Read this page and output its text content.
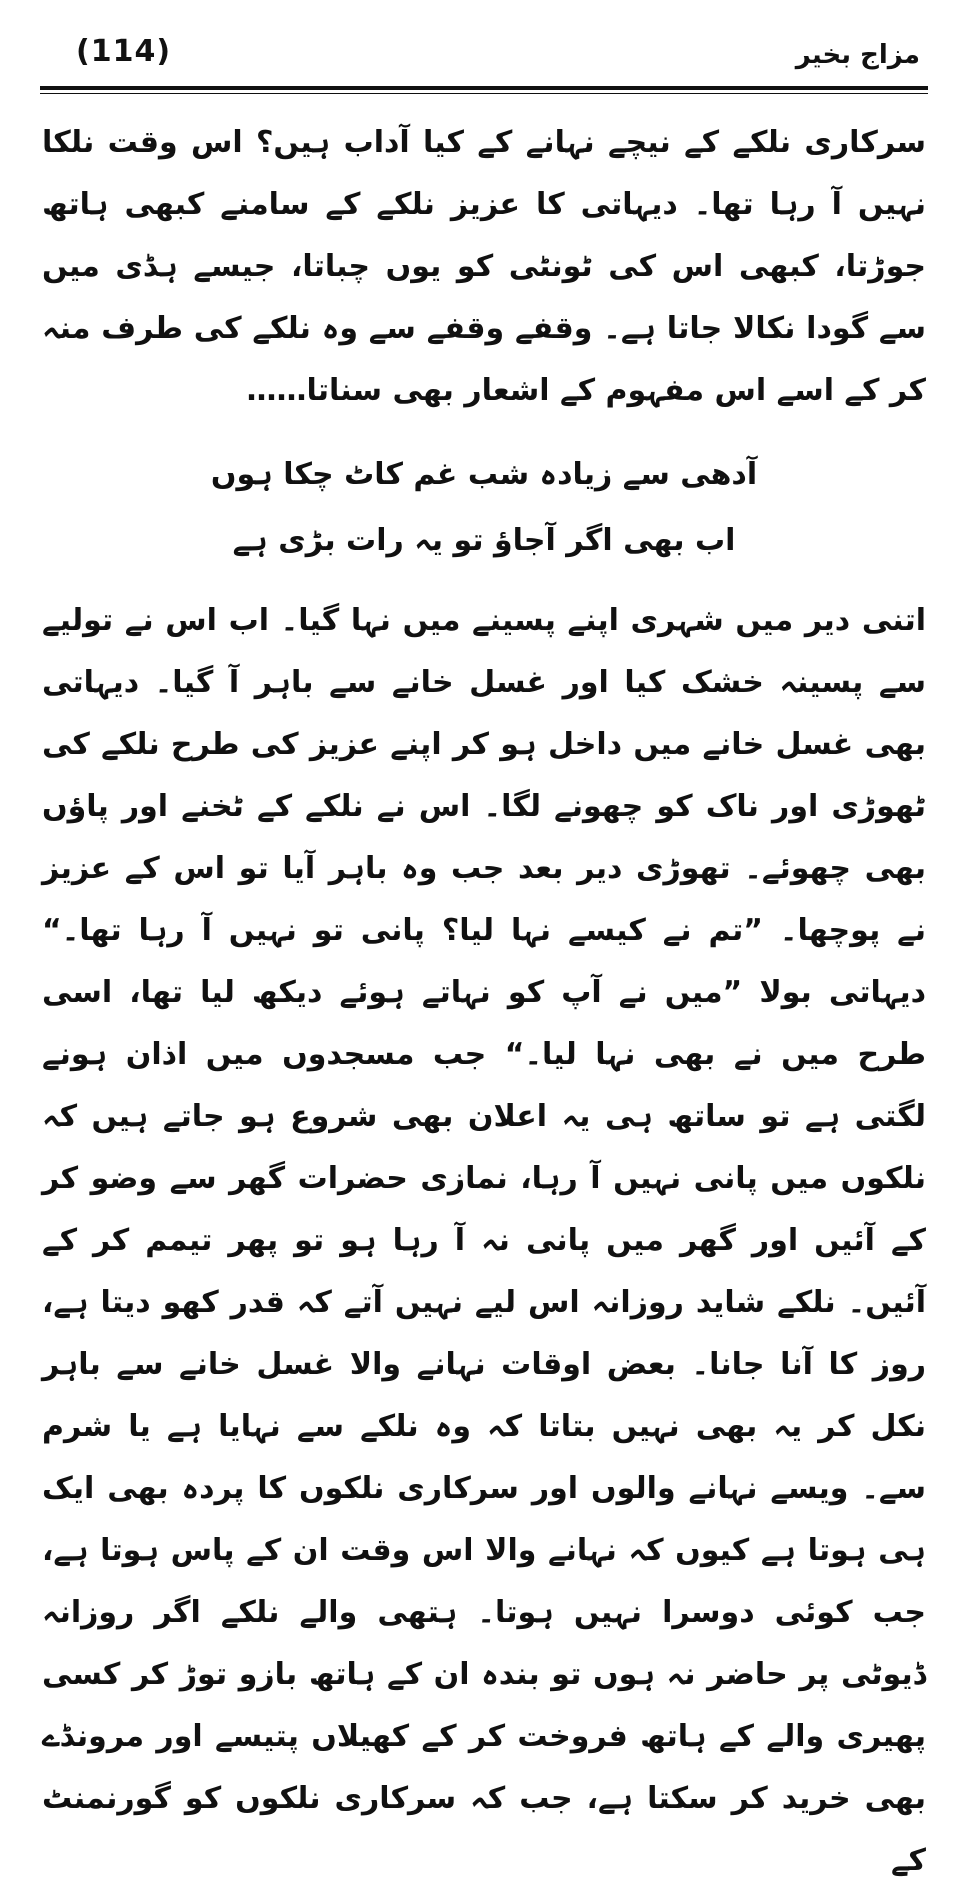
(114)	مزاج بخیر

سرکاری نلکے کے نیچے نہانے کے کیا آداب ہیں؟ اس وقت نلکا نہیں آ رہا تھا۔ دیہاتی کا عزیز نلکے کے سامنے کبھی ہاتھ جوڑتا، کبھی اس کی ٹونٹی کو یوں چباتا، جیسے ہڈی میں سے گودا نکالا جاتا ہے۔ وقفے وقفے سے وہ نلکے کی طرف منہ کر کے اسے اس مفہوم کے اشعار بھی سناتا……

آدھی سے زیادہ شب غم کاٹ چکا ہوں
اب بھی اگر آجاؤ تو یہ رات بڑی ہے

اتنی دیر میں شہری اپنے پسینے میں نہا گیا۔ اب اس نے تولیے سے پسینہ خشک کیا اور غسل خانے سے باہر آ گیا۔ دیہاتی بھی غسل خانے میں داخل ہو کر اپنے عزیز کی طرح نلکے کی ٹھوڑی اور ناک کو چھونے لگا۔ اس نے نلکے کے ٹخنے اور پاؤں بھی چھوئے۔ تھوڑی دیر بعد جب وہ باہر آیا تو اس کے عزیز نے پوچھا۔ ”تم نے کیسے نہا لیا؟ پانی تو نہیں آ رہا تھا۔“ دیہاتی بولا ”میں نے آپ کو نہاتے ہوئے دیکھ لیا تھا، اسی طرح میں نے بھی نہا لیا۔“ جب مسجدوں میں اذان ہونے لگتی ہے تو ساتھ ہی یہ اعلان بھی شروع ہو جاتے ہیں کہ نلکوں میں پانی نہیں آ رہا، نمازی حضرات گھر سے وضو کر کے آئیں اور گھر میں پانی نہ آ رہا ہو تو پھر تیمم کر کے آئیں۔ نلکے شاید روزانہ اس لیے نہیں آتے کہ قدر کھو دیتا ہے، روز کا آنا جانا۔ بعض اوقات نہانے والا غسل خانے سے باہر نکل کر یہ بھی نہیں بتاتا کہ وہ نلکے سے نہایا ہے یا شرم سے۔ ویسے نہانے والوں اور سرکاری نلکوں کا پردہ بھی ایک ہی ہوتا ہے کیوں کہ نہانے والا اس وقت ان کے پاس ہوتا ہے، جب کوئی دوسرا نہیں ہوتا۔ ہتھی والے نلکے اگر روزانہ ڈیوٹی پر حاضر نہ ہوں تو بندہ ان کے ہاتھ بازو توڑ کر کسی پھیری والے کے ہاتھ فروخت کر کے کھیلاں پتیسے اور مرونڈے بھی خرید کر سکتا ہے، جب کہ سرکاری نلکوں کو گورنمنٹ کے
